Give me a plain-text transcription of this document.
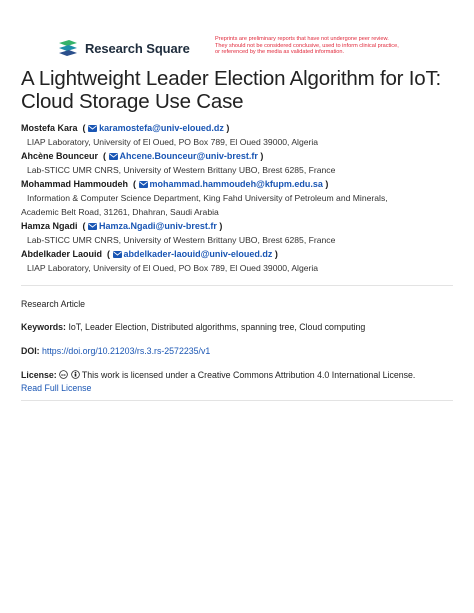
Research Square
Preprints are preliminary reports that have not undergone peer review.
They should not be considered conclusive, used to inform clinical practice,
or referenced by the media as validated information.
A Lightweight Leader Election Algorithm for IoT: Cloud Storage Use Case
Mostefa Kara  ( karamostefa@univ-eloued.dz )
LIAP Laboratory, University of El Oued, PO Box 789, El Oued 39000, Algeria
Ahcène Bounceur  ( Ahcene.Bounceur@univ-brest.fr )
Lab-STICC UMR CNRS, University of Western Brittany UBO, Brest 6285, France
Mohammad Hammoudeh  ( mohammad.hammoudeh@kfupm.edu.sa )
Information & Computer Science Department, King Fahd University of Petroleum and Minerals,
Academic Belt Road, 31261, Dhahran, Saudi Arabia
Hamza Ngadi  ( Hamza.Ngadi@univ-brest.fr )
Lab-STICC UMR CNRS, University of Western Brittany UBO, Brest 6285, France
Abdelkader Laouid  ( abdelkader-laouid@univ-eloued.dz )
LIAP Laboratory, University of El Oued, PO Box 789, El Oued 39000, Algeria
Research Article
Keywords: IoT, Leader Election, Distributed algorithms, spanning tree, Cloud computing
DOI: https://doi.org/10.21203/rs.3.rs-2572235/v1
License: cc This work is licensed under a Creative Commons Attribution 4.0 International License.
Read Full License
